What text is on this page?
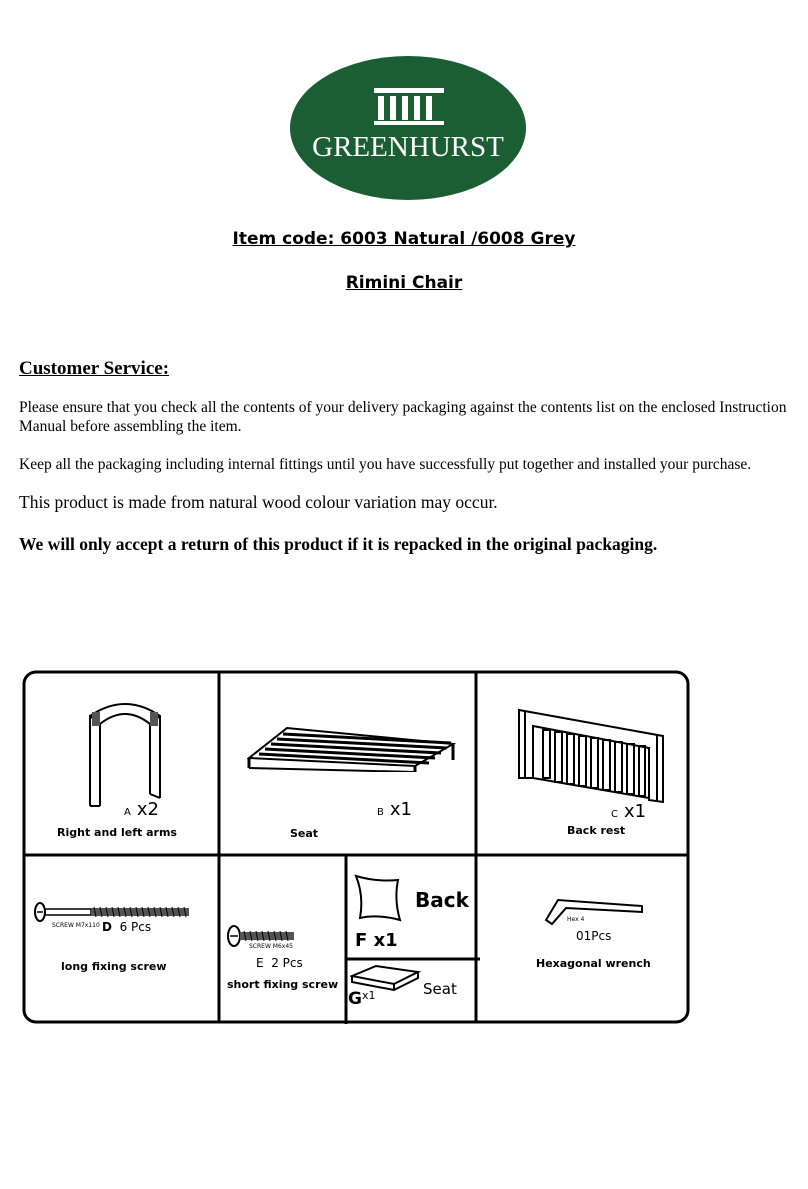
GREENHURST
Item code: 6003 Natural /6008 Grey
Rimini Chair
Customer Service:
Please ensure that you check all the contents of your delivery packaging against the contents list on the enclosed Instruction Manual before assembling the item.
Keep all the packaging including internal fittings until you have successfully put together and installed your purchase.
This product is made from natural wood colour variation may occur.
We will only accept a return of this product if it is repacked in the original packaging.
A x2
Right and left arms
B x1
Seat
C x1
Back rest
SCREW M7x110 D 6 Pcs
long fixing screw
SCREW M6x45
E 2 Pcs
short fixing screw
Back
F x1
$G^{x1}$	Seat
Hex 4
01Pcs
Hexagonal wrench
